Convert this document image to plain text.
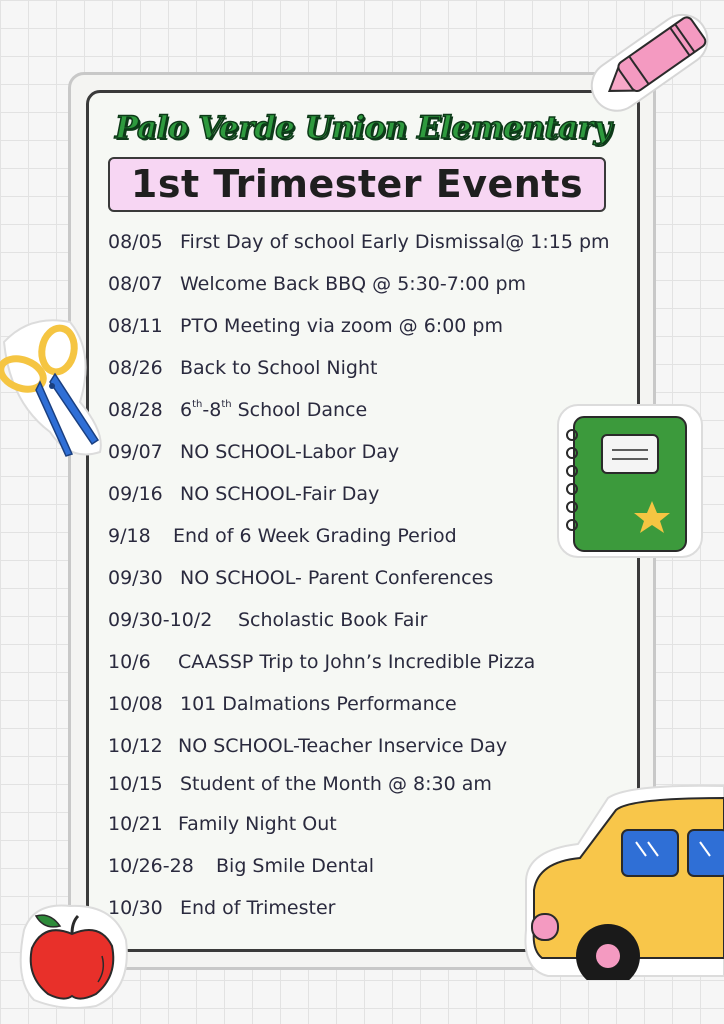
Palo Verde Union Elementary
1st Trimester Events
08/05 First Day of school Early Dismissal@ 1:15 pm
08/07 Welcome Back BBQ @ 5:30-7:00 pm
08/11 PTO Meeting via zoom @ 6:00 pm
08/26 Back to School Night
08/28 6th-8th School Dance
09/07 NO SCHOOL-Labor Day
09/16 NO SCHOOL-Fair Day
9/18 End of 6 Week Grading Period
09/30 NO SCHOOL- Parent Conferences
09/30-10/2 Scholastic Book Fair
10/6 CAASSP Trip to John’s Incredible Pizza
10/08 101 Dalmations Performance
10/12 NO SCHOOL-Teacher Inservice Day
10/15 Student of the Month @ 8:30 am
10/21 Family Night Out
10/26-28 Big Smile Dental
10/30 End of Trimester
